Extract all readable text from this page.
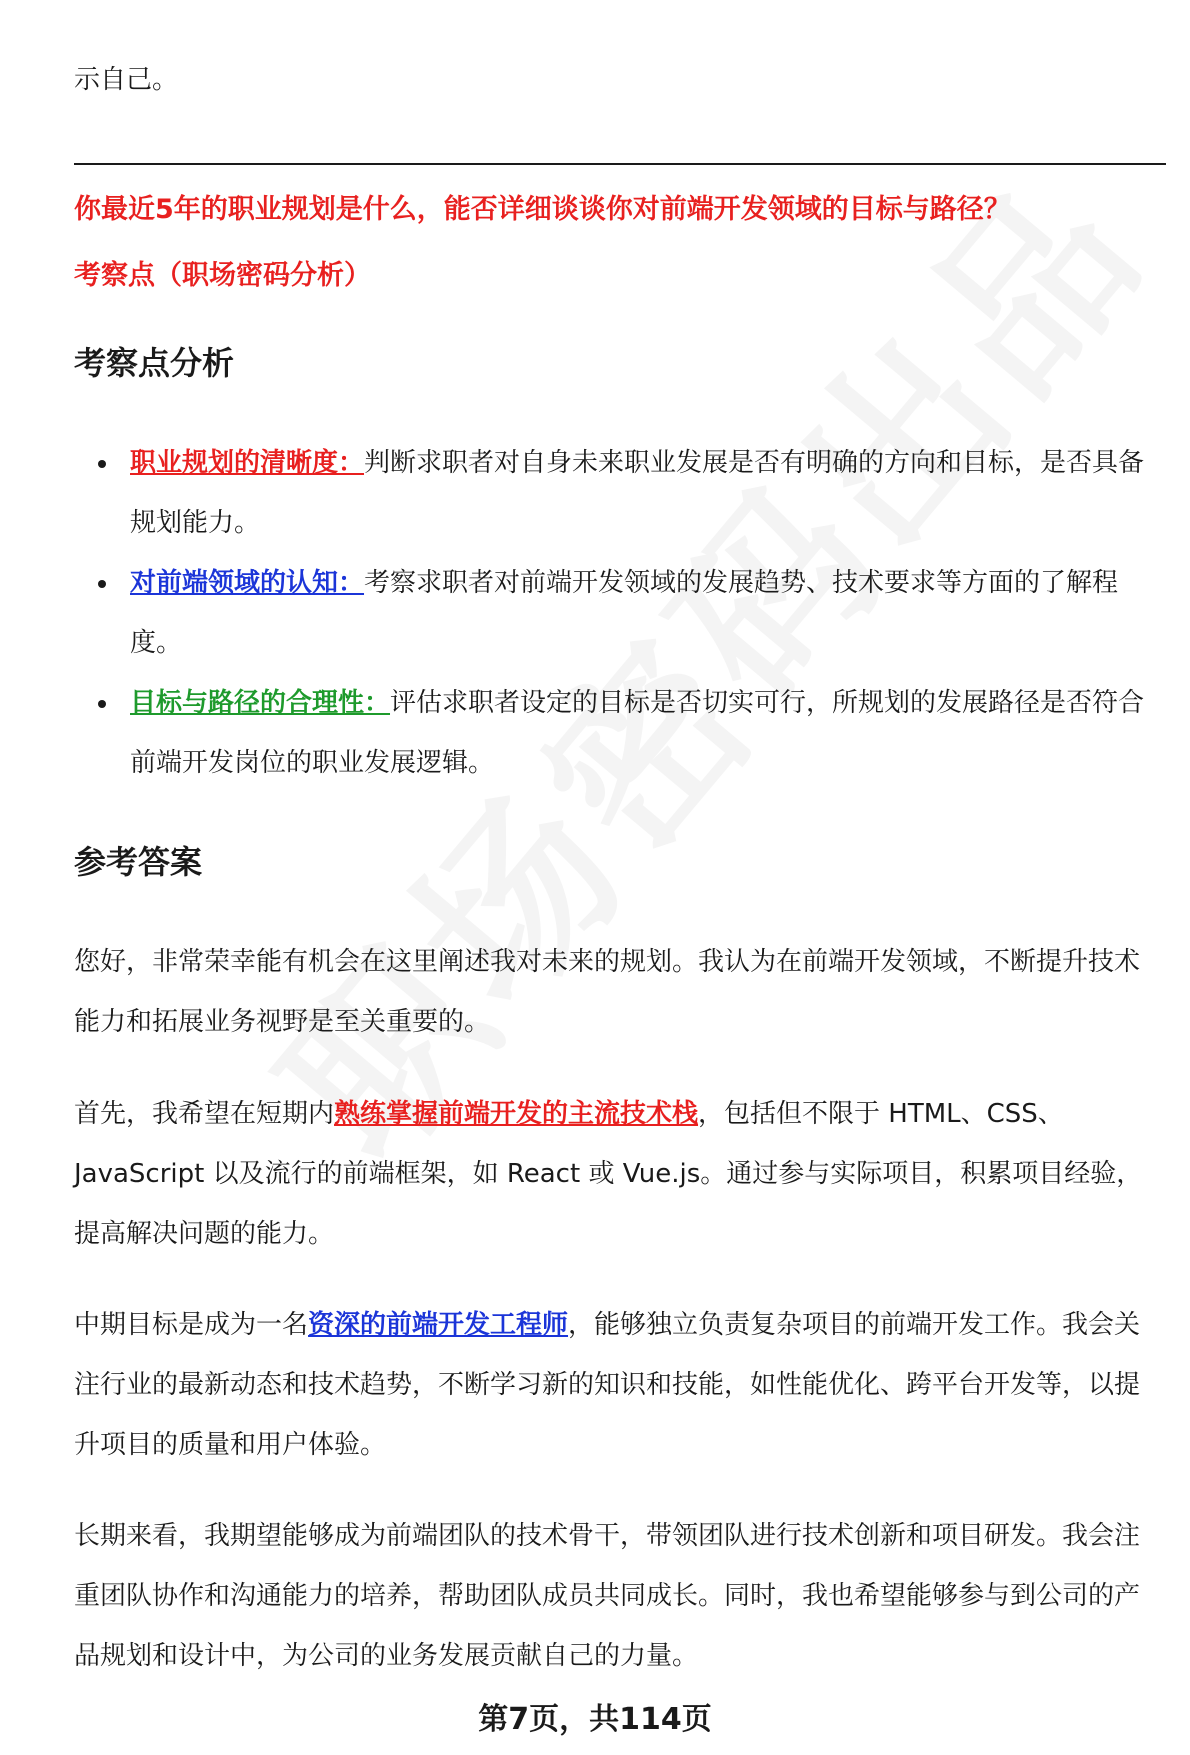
示自己。

你最近5年的职业规划是什么，能否详细谈谈你对前端开发领域的目标与路径？

考察点（职场密码分析）

考察点分析
职业规划的清晰度：判断求职者对自身未来职业发展是否有明确的方向和目标，是否具备规划能力。
对前端领域的认知：考察求职者对前端开发领域的发展趋势、技术要求等方面的了解程度。
目标与路径的合理性：评估求职者设定的目标是否切实可行，所规划的发展路径是否符合前端开发岗位的职业发展逻辑。
参考答案

您好，非常荣幸能有机会在这里阐述我对未来的规划。我认为在前端开发领域，不断提升技术能力和拓展业务视野是至关重要的。

首先，我希望在短期内熟练掌握前端开发的主流技术栈，包括但不限于 HTML、CSS、JavaScript 以及流行的前端框架，如 React 或 Vue.js。通过参与实际项目，积累项目经验，提高解决问题的能力。

中期目标是成为一名资深的前端开发工程师，能够独立负责复杂项目的前端开发工作。我会关注行业的最新动态和技术趋势，不断学习新的知识和技能，如性能优化、跨平台开发等，以提升项目的质量和用户体验。

长期来看，我期望能够成为前端团队的技术骨干，带领团队进行技术创新和项目研发。我会注重团队协作和沟通能力的培养，帮助团队成员共同成长。同时，我也希望能够参与到公司的产品规划和设计中，为公司的业务发展贡献自己的力量。

第7页，共114页
